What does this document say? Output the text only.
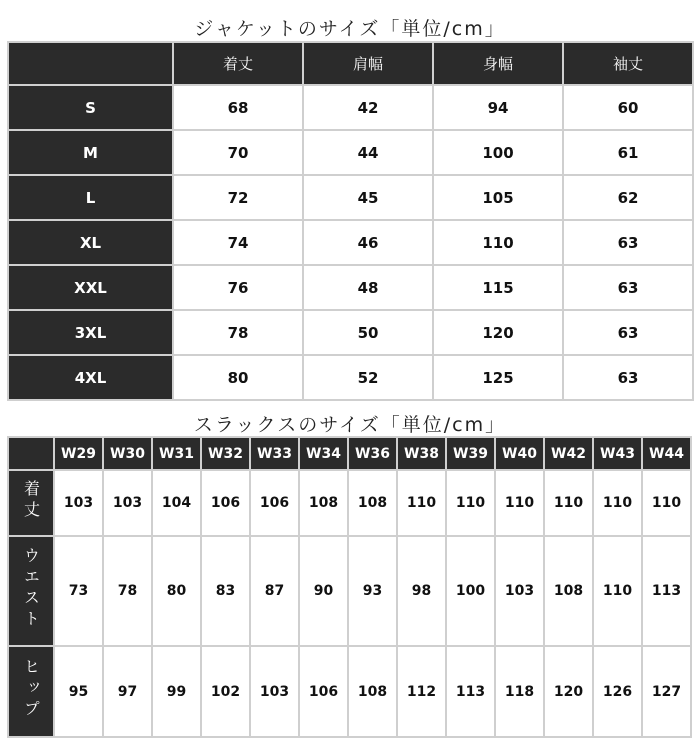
ジャケットのサイズ「単位/cm」
	着丈	肩幅	身幅	袖丈
S	68	42	94	60
M	70	44	100	61
L	72	45	105	62
XL	74	46	110	63
XXL	76	48	115	63
3XL	78	50	120	63
4XL	80	52	125	63
スラックスのサイズ「単位/cm」
	W29	W30	W31	W32	W33	W34	W36	W38	W39	W40	W42	W43	W44
着丈	103	103	104	106	106	108	108	110	110	110	110	110	110
ウエスト	73	78	80	83	87	90	93	98	100	103	108	110	113
ヒップ	95	97	99	102	103	106	108	112	113	118	120	126	127
